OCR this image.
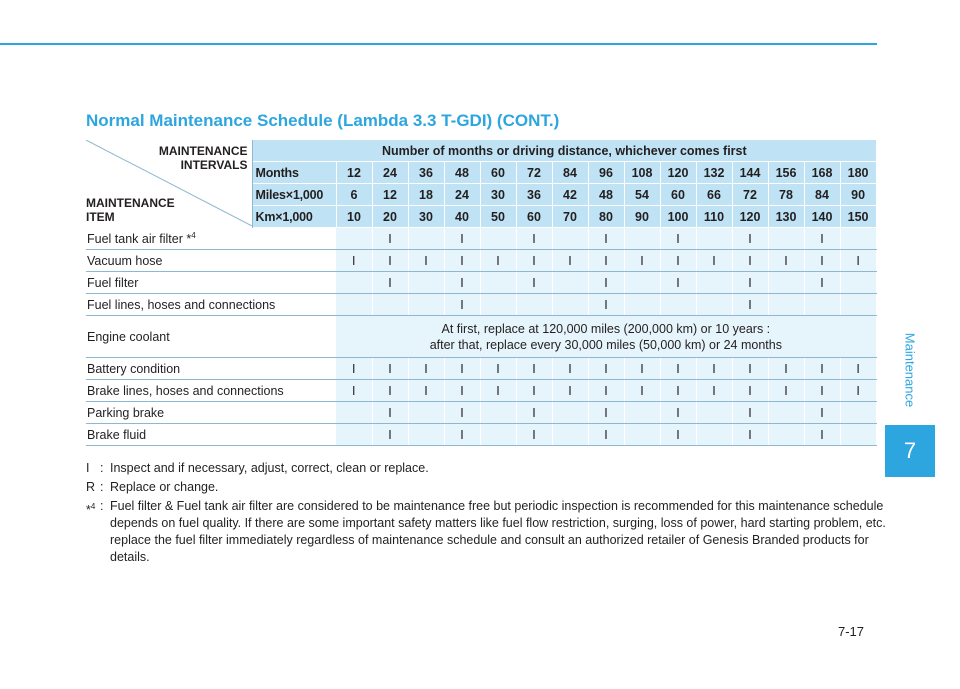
Normal Maintenance Schedule (Lambda 3.3 T-GDI) (CONT.)
Maintenance
7
MAINTENANCE
INTERVALS
MAINTENANCE
ITEM	Number of months or driving distance, whichever comes first															
	Months	12	24	36	48	60	72	84	96	108	120	132	144	156	168	180
	Miles×1,000	6	12	18	24	30	36	42	48	54	60	66	72	78	84	90
	Km×1,000	10	20	30	40	50	60	70	80	90	100	110	120	130	140	150
Fuel tank air filter *$^4$			I		I		I		I		I		I		I	
Vacuum hose		I	I	I	I	I	I	I	I	I	I	I	I	I	I	I
Fuel filter			I		I		I		I		I		I		I	
Fuel lines, hoses and connections					I				I				I			
Engine coolant		At first, replace at 120,000 miles (200,000 km) or 10 years :
after that, replace every 30,000 miles (50,000 km) or 24 months														

Battery condition		I	I	I	I	I	I	I	I	I	I	I	I	I	I	I
Brake lines, hoses and connections		I	I	I	I	I	I	I	I	I	I	I	I	I	I	I
Parking brake			I		I		I		I		I		I		I	
Brake fluid			I		I		I		I		I		I		I	
I : Inspect and if necessary, adjust, correct, clean or replace.
R : Replace or change.
*$^4$ : Fuel filter & Fuel tank air filter are considered to be maintenance free but periodic inspection is recommended for this maintenance schedule depends on fuel quality. If there are some important safety matters like fuel flow restriction, surging, loss of power, hard starting problem, etc. replace the fuel filter immediately regardless of maintenance schedule and consult an authorized retailer of Genesis Branded products for details.
7-17
